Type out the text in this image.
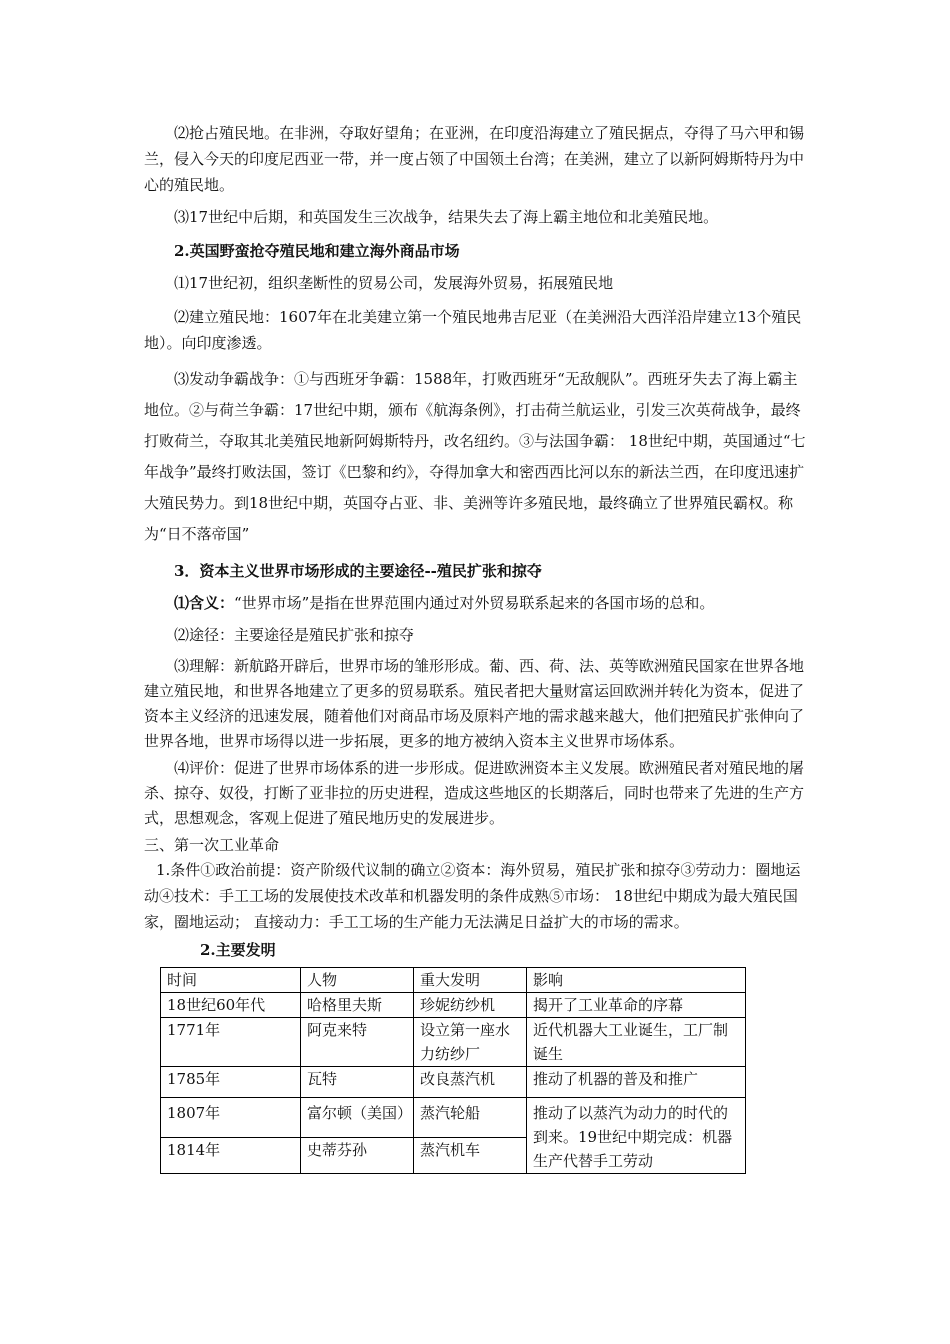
⑵抢占殖民地。在非洲，夺取好望角；在亚洲，在印度沿海建立了殖民据点，夺得了马六甲和锡兰，侵入今天的印度尼西亚一带，并一度占领了中国领土台湾；在美洲，建立了以新阿姆斯特丹为中心的殖民地。

⑶17世纪中后期，和英国发生三次战争，结果失去了海上霸主地位和北美殖民地。

2.英国野蛮抢夺殖民地和建立海外商品市场

⑴17世纪初，组织垄断性的贸易公司，发展海外贸易，拓展殖民地

⑵建立殖民地：1607年在北美建立第一个殖民地弗吉尼亚（在美洲沿大西洋沿岸建立13个殖民地）。向印度渗透。

⑶发动争霸战争：①与西班牙争霸：1588年，打败西班牙“无敌舰队”。西班牙失去了海上霸主地位。②与荷兰争霸：17世纪中期，颁布《航海条例》，打击荷兰航运业，引发三次英荷战争，最终打败荷兰，夺取其北美殖民地新阿姆斯特丹，改名纽约。③与法国争霸： 18世纪中期，英国通过“七年战争”最终打败法国，签订《巴黎和约》，夺得加拿大和密西西比河以东的新法兰西，在印度迅速扩大殖民势力。到18世纪中期，英国夺占亚、非、美洲等许多殖民地，最终确立了世界殖民霸权。称为“日不落帝国”

3．资本主义世界市场形成的主要途径--殖民扩张和掠夺

⑴含义：“世界市场”是指在世界范围内通过对外贸易联系起来的各国市场的总和。

⑵途径：主要途径是殖民扩张和掠夺

⑶理解：新航路开辟后，世界市场的雏形形成。葡、西、荷、法、英等欧洲殖民国家在世界各地建立殖民地，和世界各地建立了更多的贸易联系。殖民者把大量财富运回欧洲并转化为资本，促进了资本主义经济的迅速发展，随着他们对商品市场及原料产地的需求越来越大，他们把殖民扩张伸向了世界各地，世界市场得以进一步拓展，更多的地方被纳入资本主义世界市场体系。

⑷评价：促进了世界市场体系的进一步形成。促进欧洲资本主义发展。欧洲殖民者对殖民地的屠杀、掠夺、奴役，打断了亚非拉的历史进程，造成这些地区的长期落后，同时也带来了先进的生产方式，思想观念，客观上促进了殖民地历史的发展进步。

三、第一次工业革命

1.条件①政治前提：资产阶级代议制的确立②资本：海外贸易，殖民扩张和掠夺③劳动力：圈地运动④技术：手工工场的发展使技术改革和机器发明的条件成熟⑤市场： 18世纪中期成为最大殖民国家，圈地运动； 直接动力：手工工场的生产能力无法满足日益扩大的市场的需求。

2.主要发明

时间	人物	重大发明	影响
18世纪60年代	哈格里夫斯	珍妮纺纱机	揭开了工业革命的序幕
1771年	阿克来特	设立第一座水力纺纱厂	近代机器大工业诞生，工厂制诞生
1785年	瓦特	改良蒸汽机	推动了机器的普及和推广
1807年	富尔顿（美国）	蒸汽轮船	推动了以蒸汽为动力的时代的到来。19世纪中期完成：机器生产代替手工劳动
1814年	史蒂芬孙	蒸汽机车	
